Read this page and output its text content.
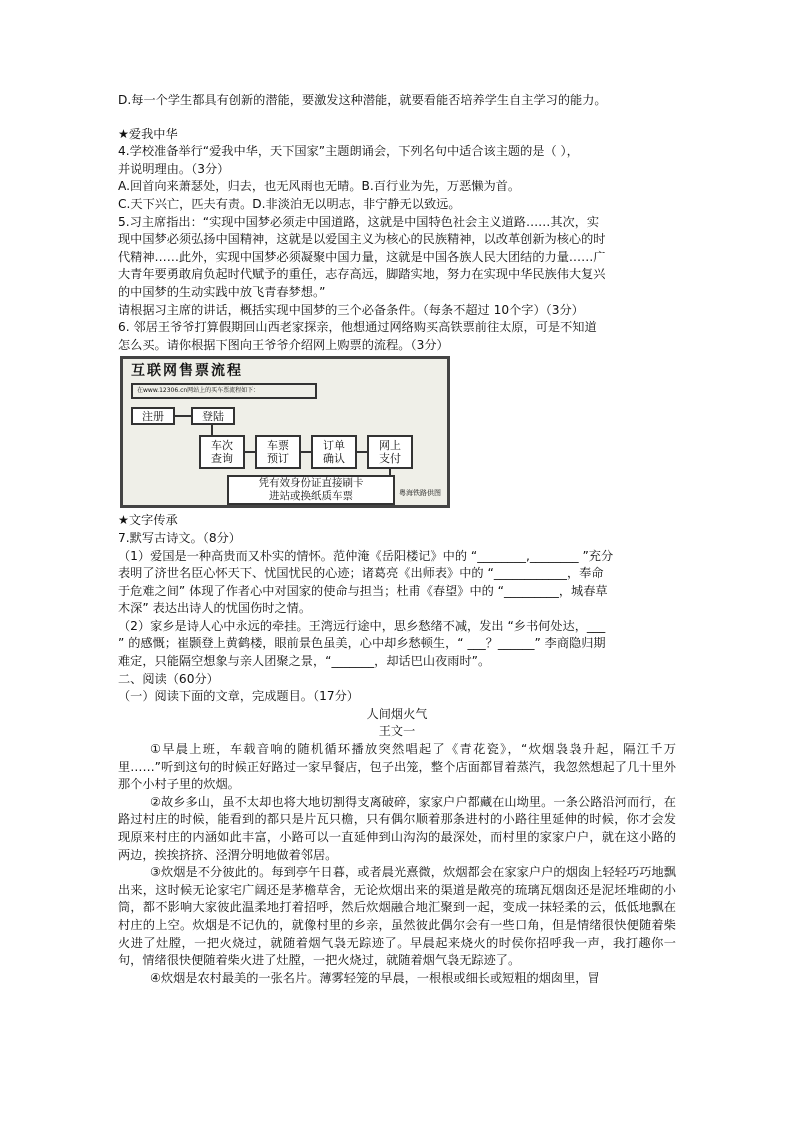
D.每一个学生都具有创新的潜能，要激发这种潜能，就要看能否培养学生自主学习的能力。
★爱我中华
4.学校准备举行“爱我中华，天下国家”主题朗诵会，下列名句中适合该主题的是（ ），
并说明理由。（3分）
A.回首向来萧瑟处，归去，也无风雨也无晴。B.百行业为先，万恶懒为首。
C.天下兴亡，匹夫有责。D.非淡泊无以明志，非宁静无以致远。
5.习主席指出：“实现中国梦必须走中国道路，这就是中国特色社会主义道路……其次，实
现中国梦必须弘扬中国精神，这就是以爱国主义为核心的民族精神，以改革创新为核心的时
代精神……此外，实现中国梦必须凝聚中国力量，这就是中国各族人民大团结的力量……广
大青年要勇敢肩负起时代赋予的重任，志存高远，脚踏实地，努力在实现中华民族伟大复兴
的中国梦的生动实践中放飞青春梦想。”
请根据习主席的讲话，概括实现中国梦的三个必备条件。（每条不超过 10个字）（3分）
6. 邻居王爷爷打算假期回山西老家探亲，他想通过网络购买高铁票前往太原，可是不知道
怎么买。请你根据下图向王爷爷介绍网上购票的流程。（3分）
互联网售票流程
在www.12306.cn网站上的买车票流程如下：
注册	登陆
车次
查询
车票
预订
订单
确认
网上
支付
凭有效身份证直接刷卡
进站或换纸质车票	粤海铁路供图
★文字传承
7.默写古诗文。（8分）
（1）爱国是一种高贵而又朴实的情怀。范仲淹《岳阳楼记》中的 “________,________ ”充分
表明了济世名臣心怀天下、忧国忧民的心迹；诸葛亮《出师表》中的 “____________，奉命
于危难之间” 体现了作者心中对国家的使命与担当；杜甫《春望》中的 “_________，城春草
木深” 表达出诗人的忧国伤时之情。
（2）家乡是诗人心中永远的牵挂。王湾远行途中，思乡愁绪不减，发出 “乡书何处达，___
” 的感慨；崔颢登上黄鹤楼，眼前景色虽美，心中却乡愁顿生，“ ___？______” 李商隐归期
难定，只能隔空想象与亲人团聚之景，“_______，却话巴山夜雨时”。
二、阅读（60分）
（一）阅读下面的文章，完成题目。（17分）
人间烟火气
王文一
①早晨上班，车载音响的随机循环播放突然唱起了《青花瓷》，“炊烟袅袅升起，隔江千万里……”听到这句的时候正好路过一家早餐店，包子出笼，整个店面都冒着蒸汽，我忽然想起了几十里外那个小村子里的炊烟。
②故乡多山，虽不太却也将大地切割得支离破碎，家家户户都藏在山坳里。一条公路沿河而行，在路过村庄的时候，能看到的都只是片瓦只檐，只有偶尔顺着那条进村的小路往里延伸的时候，你才会发现原来村庄的内涵如此丰富，小路可以一直延伸到山沟沟的最深处，而村里的家家户户，就在这小路的两边，挨挨挤挤、泾渭分明地做着邻居。
③炊烟是不分彼此的。每到亭午日暮，或者晨光熹微，炊烟都会在家家户户的烟囱上轻轻巧巧地飘出来，这时候无论家宅广阔还是茅檐草舍，无论炊烟出来的渠道是敞亮的琉璃瓦烟囱还是泥坯堆砌的小筒，都不影响大家彼此温柔地打着招呼，然后炊烟融合地汇聚到一起，变成一抹轻柔的云，低低地飘在村庄的上空。炊烟是不记仇的，就像村里的乡亲，虽然彼此偶尔会有一些口角，但是情绪很快便随着柴火进了灶膛，一把火烧过，就随着烟气袅无踪迹了。早晨起来烧火的时侯你招呼我一声，我打趣你一句，情绪很快便随着柴火进了灶膛，一把火烧过，就随着烟气袅无踪迹了。
④炊烟是农村最美的一张名片。薄雾轻笼的早晨，一根根或细长或短粗的烟囱里，冒
